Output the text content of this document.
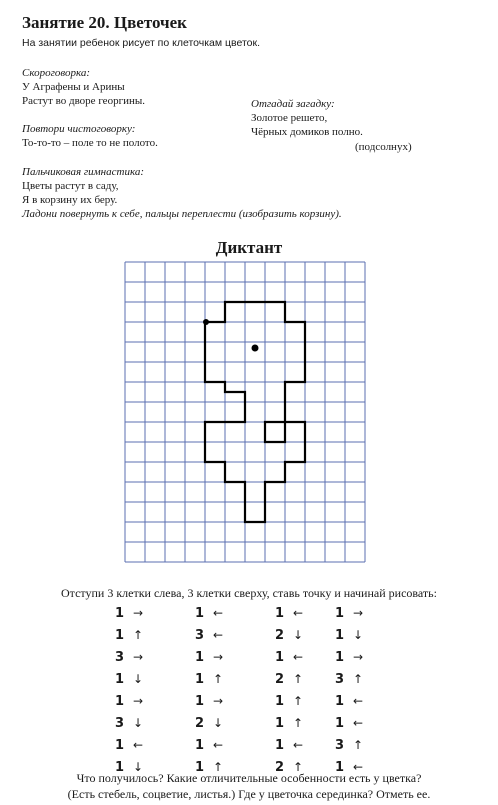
Занятие 20. Цветочек
На занятии ребенок рисует по клеточкам цветок.
Скороговорка:
У Аграфены и Арины
Растут во дворе георгины.	Отгадай загадку:
Золотое решето,
Чёрных домиков полно.
(подсолнух)
Повтори чистоговорку:
То-то-то – поле то не полото.
Пальчиковая гимнастика:
Цветы растут в саду,
Я в корзину их беру.
Ладони повернуть к себе, пальцы переплести (изобразить корзину).
Диктант
Отступи 3 клетки слева, 3 клетки сверху, ставь точку и начинай рисовать:
1 →
1 ↑
3 →
1 ↓
1 →
3 ↓
1 ←
1 ↓
1 ←
3 ←
1 →
1 ↑
1 →
2 ↓
1 ←
1 ↑
1 ←
2 ↓
1 ←
2 ↑
1 ↑
1 ↑
1 ←
2 ↑
1 →
1 ↓
1 →
3 ↑
1 ←
1 ←
3 ↑
1 ←
Что получилось? Какие отличительные особенности есть у цветка?
(Есть стебель, соцветие, листья.) Где у цветочка серединка? Отметь ее.
